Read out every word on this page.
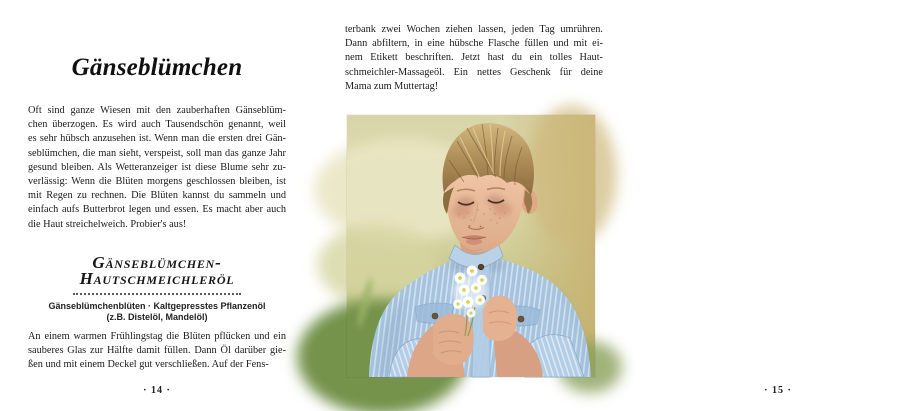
Gänseblümchen
Oft sind ganze Wiesen mit den zauberhaften Gänseblüm-
chen überzogen. Es wird auch Tausendschön genannt, weil
es sehr hübsch anzusehen ist. Wenn man die ersten drei Gän-
seblümchen, die man sieht, verspeist, soll man das ganze Jahr
gesund bleiben. Als Wetteranzeiger ist diese Blume sehr zu-
verlässig: Wenn die Blüten morgens geschlossen bleiben, ist
mit Regen zu rechnen. Die Blüten kannst du sammeln und
einfach aufs Butterbrot legen und essen. Es macht aber auch
die Haut streichelweich. Probier's aus!
Gänseblümchen-
Hautschmeichleröl
Gänseblümchenblüten · Kaltgepresstes Pflanzenöl
(z.B. Distelöl, Mandelöl)
An einem warmen Frühlingstag die Blüten pflücken und ein
sauberes Glas zur Hälfte damit füllen. Dann Öl darüber gie-
ßen und mit einem Deckel gut verschließen. Auf der Fens-
· 14 ·
terbank zwei Wochen ziehen lassen, jeden Tag umrühren.
Dann abfiltern, in eine hübsche Flasche füllen und mit ei-
nem Etikett beschriften. Jetzt hast du ein tolles Haut-
schmeichler-Massageöl. Ein nettes Geschenk für deine
Mama zum Muttertag!
· 15 ·
